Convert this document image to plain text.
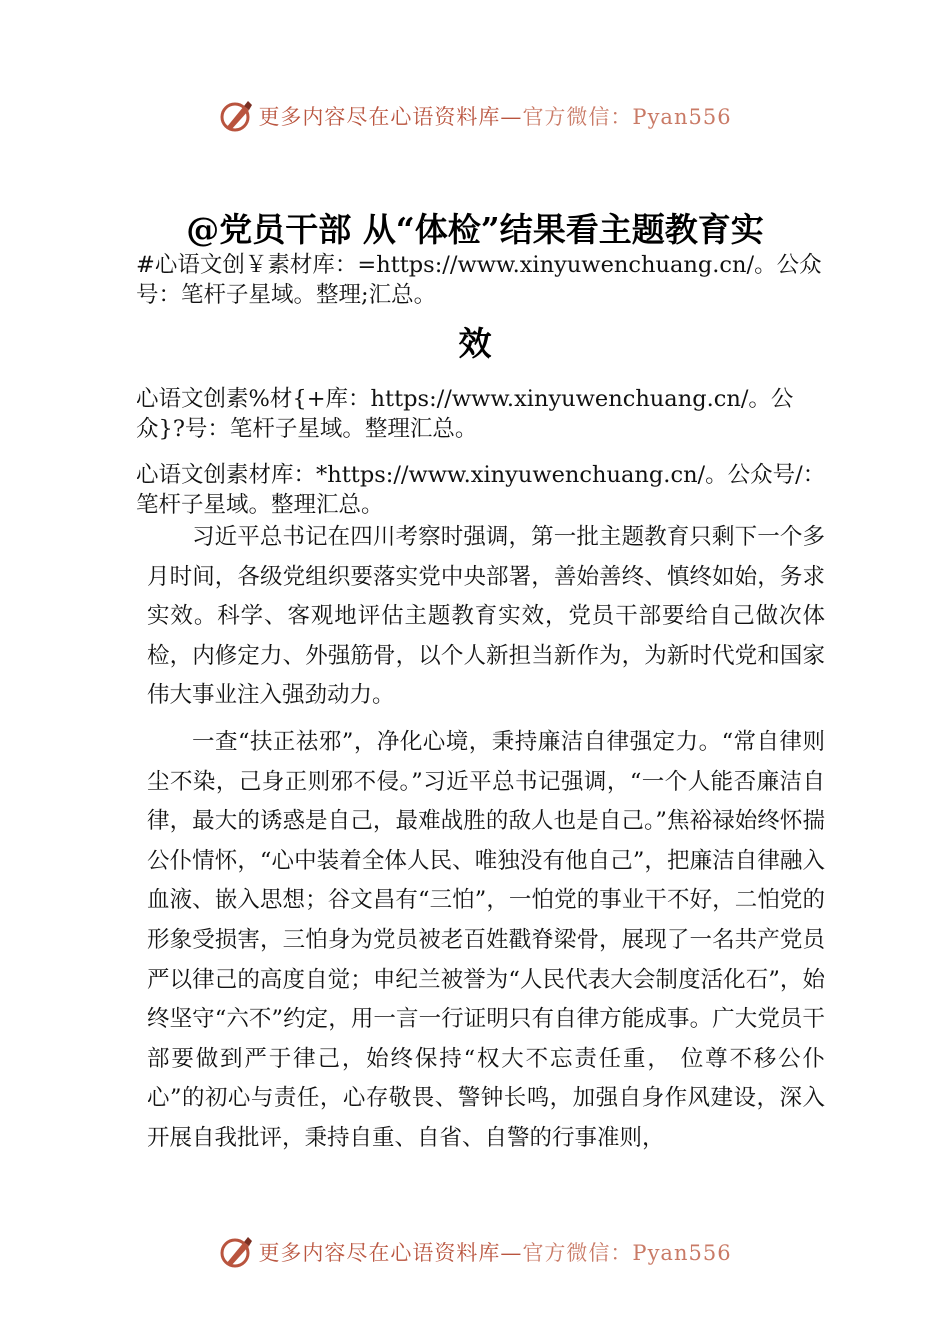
更多内容尽在心语资料库—官方微信：Pyan556
@党员干部 从“体检”结果看主题教育实
#心语文创￥素材库：=https://www.xinyuwenchuang.cn/。公众号：笔杆子星域。整理;汇总。
效
心语文创素%材{+库：https://www.xinyuwenchuang.cn/。公众}?号：笔杆子星域。整理汇总。
心语文创素材库：*https://www.xinyuwenchuang.cn/。公众号/：笔杆子星域。整理汇总。

习近平总书记在四川考察时强调，第一批主题教育只剩下一个多月时间，各级党组织要落实党中央部署，善始善终、慎终如始，务求实效。科学、客观地评估主题教育实效，党员干部要给自己做次体检，内修定力、外强筋骨，以个人新担当新作为，为新时代党和国家伟大事业注入强劲动力。

一查“扶正祛邪”，净化心境，秉持廉洁自律强定力。“常自律则尘不染，己身正则邪不侵。”习近平总书记强调，“一个人能否廉洁自律，最大的诱惑是自己，最难战胜的敌人也是自己。”焦裕禄始终怀揣公仆情怀，“心中装着全体人民、唯独没有他自己”，把廉洁自律融入血液、嵌入思想；谷文昌有“三怕”，一怕党的事业干不好，二怕党的形象受损害，三怕身为党员被老百姓戳脊梁骨，展现了一名共产党员严以律己的高度自觉；申纪兰被誉为“人民代表大会制度活化石”，始终坚守“六不”约定，用一言一行证明只有自律方能成事。广大党员干部要做到严于律己，始终保持“权大不忘责任重， 位尊不移公仆心”的初心与责任，心存敬畏、警钟长鸣，加强自身作风建设，深入开展自我批评，秉持自重、自省、自警的行事准则，

更多内容尽在心语资料库—官方微信：Pyan556
